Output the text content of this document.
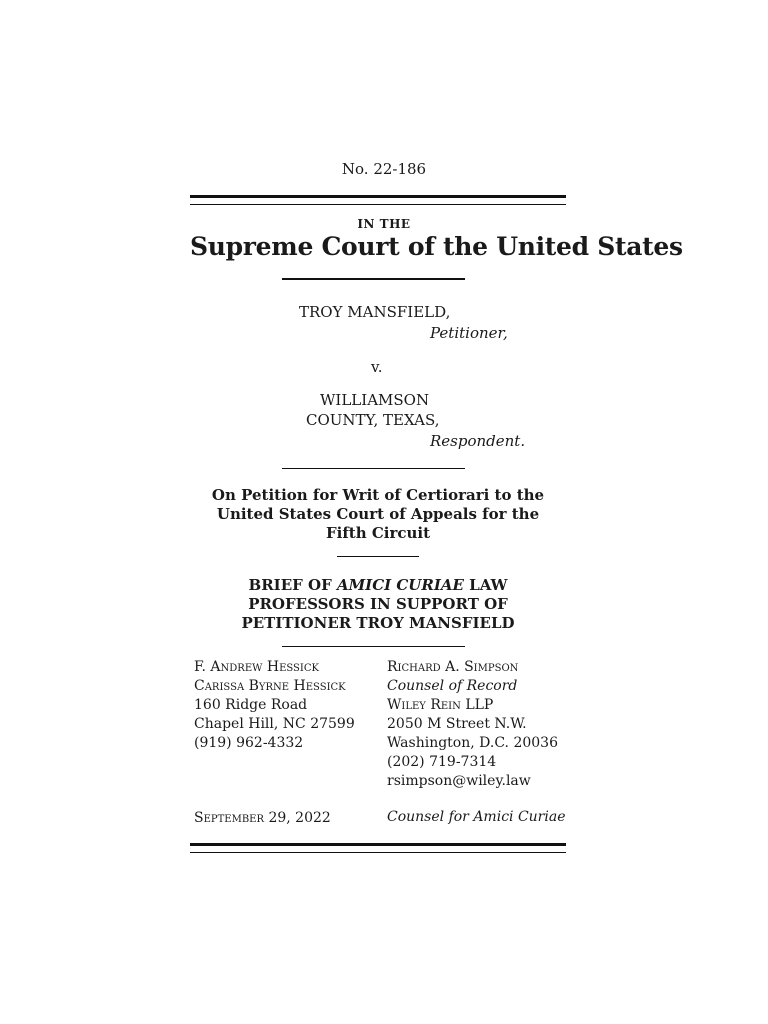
No. 22-186
IN THE
Supreme Court of the United States
TROY MANSFIELD,
Petitioner,
v.
WILLIAMSON
COUNTY, TEXAS,
Respondent.
On Petition for Writ of Certiorari to the
United States Court of Appeals for the
Fifth Circuit
BRIEF OF AMICI CURIAE LAW
PROFESSORS IN SUPPORT OF
PETITIONER TROY MANSFIELD
F. Andrew Hessick
Carissa Byrne Hessick
160 Ridge Road
Chapel Hill, NC 27599
(919) 962-4332
Richard A. Simpson
Counsel of Record
Wiley Rein LLP
2050 M Street N.W.
Washington, D.C. 20036
(202) 719-7314
rsimpson@wiley.law
September 29, 2022	Counsel for Amici Curiae
